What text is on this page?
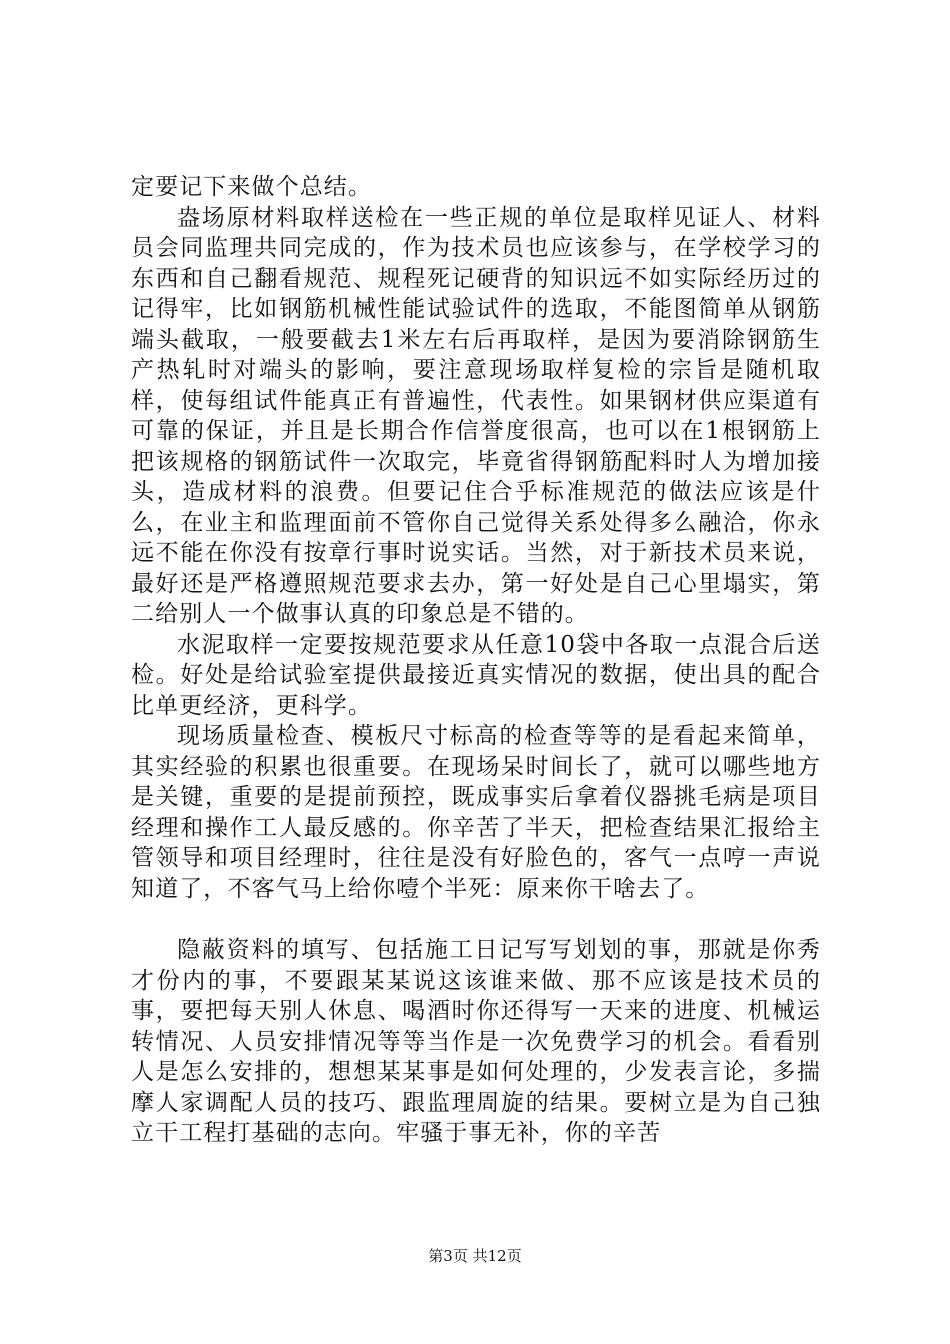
定要记下来做个总结。

盎场原材料取样送检在一些正规的单位是取样见证人、材料员会同监理共同完成的，作为技术员也应该参与，在学校学习的东西和自己翻看规范、规程死记硬背的知识远不如实际经历过的记得牢，比如钢筋机械性能试验试件的选取，不能图简单从钢筋端头截取，一般要截去1米左右后再取样，是因为要消除钢筋生产热轧时对端头的影响，要注意现场取样复检的宗旨是随机取样，使每组试件能真正有普遍性，代表性。如果钢材供应渠道有可靠的保证，并且是长期合作信誉度很高，也可以在1根钢筋上把该规格的钢筋试件一次取完，毕竟省得钢筋配料时人为增加接头，造成材料的浪费。但要记住合乎标准规范的做法应该是什么，在业主和监理面前不管你自己觉得关系处得多么融洽，你永远不能在你没有按章行事时说实话。当然，对于新技术员来说，最好还是严格遵照规范要求去办，第一好处是自己心里塌实，第二给别人一个做事认真的印象总是不错的。

水泥取样一定要按规范要求从任意10袋中各取一点混合后送检。好处是给试验室提供最接近真实情况的数据，使出具的配合比单更经济，更科学。

现场质量检查、模板尺寸标高的检查等等的是看起来简单，其实经验的积累也很重要。在现场呆时间长了，就可以哪些地方是关键，重要的是提前预控，既成事实后拿着仪器挑毛病是项目经理和操作工人最反感的。你辛苦了半天，把检查结果汇报给主管领导和项目经理时，往往是没有好脸色的，客气一点哼一声说知道了，不客气马上给你噎个半死：原来你干啥去了。

隐蔽资料的填写、包括施工日记写写划划的事，那就是你秀才份内的事，不要跟某某说这该谁来做、那不应该是技术员的事，要把每天别人休息、喝酒时你还得写一天来的进度、机械运转情况、人员安排情况等等当作是一次免费学习的机会。看看别人是怎么安排的，想想某某事是如何处理的，少发表言论，多揣摩人家调配人员的技巧、跟监理周旋的结果。要树立是为自己独立干工程打基础的志向。牢骚于事无补，你的辛苦

第3页 共12页
